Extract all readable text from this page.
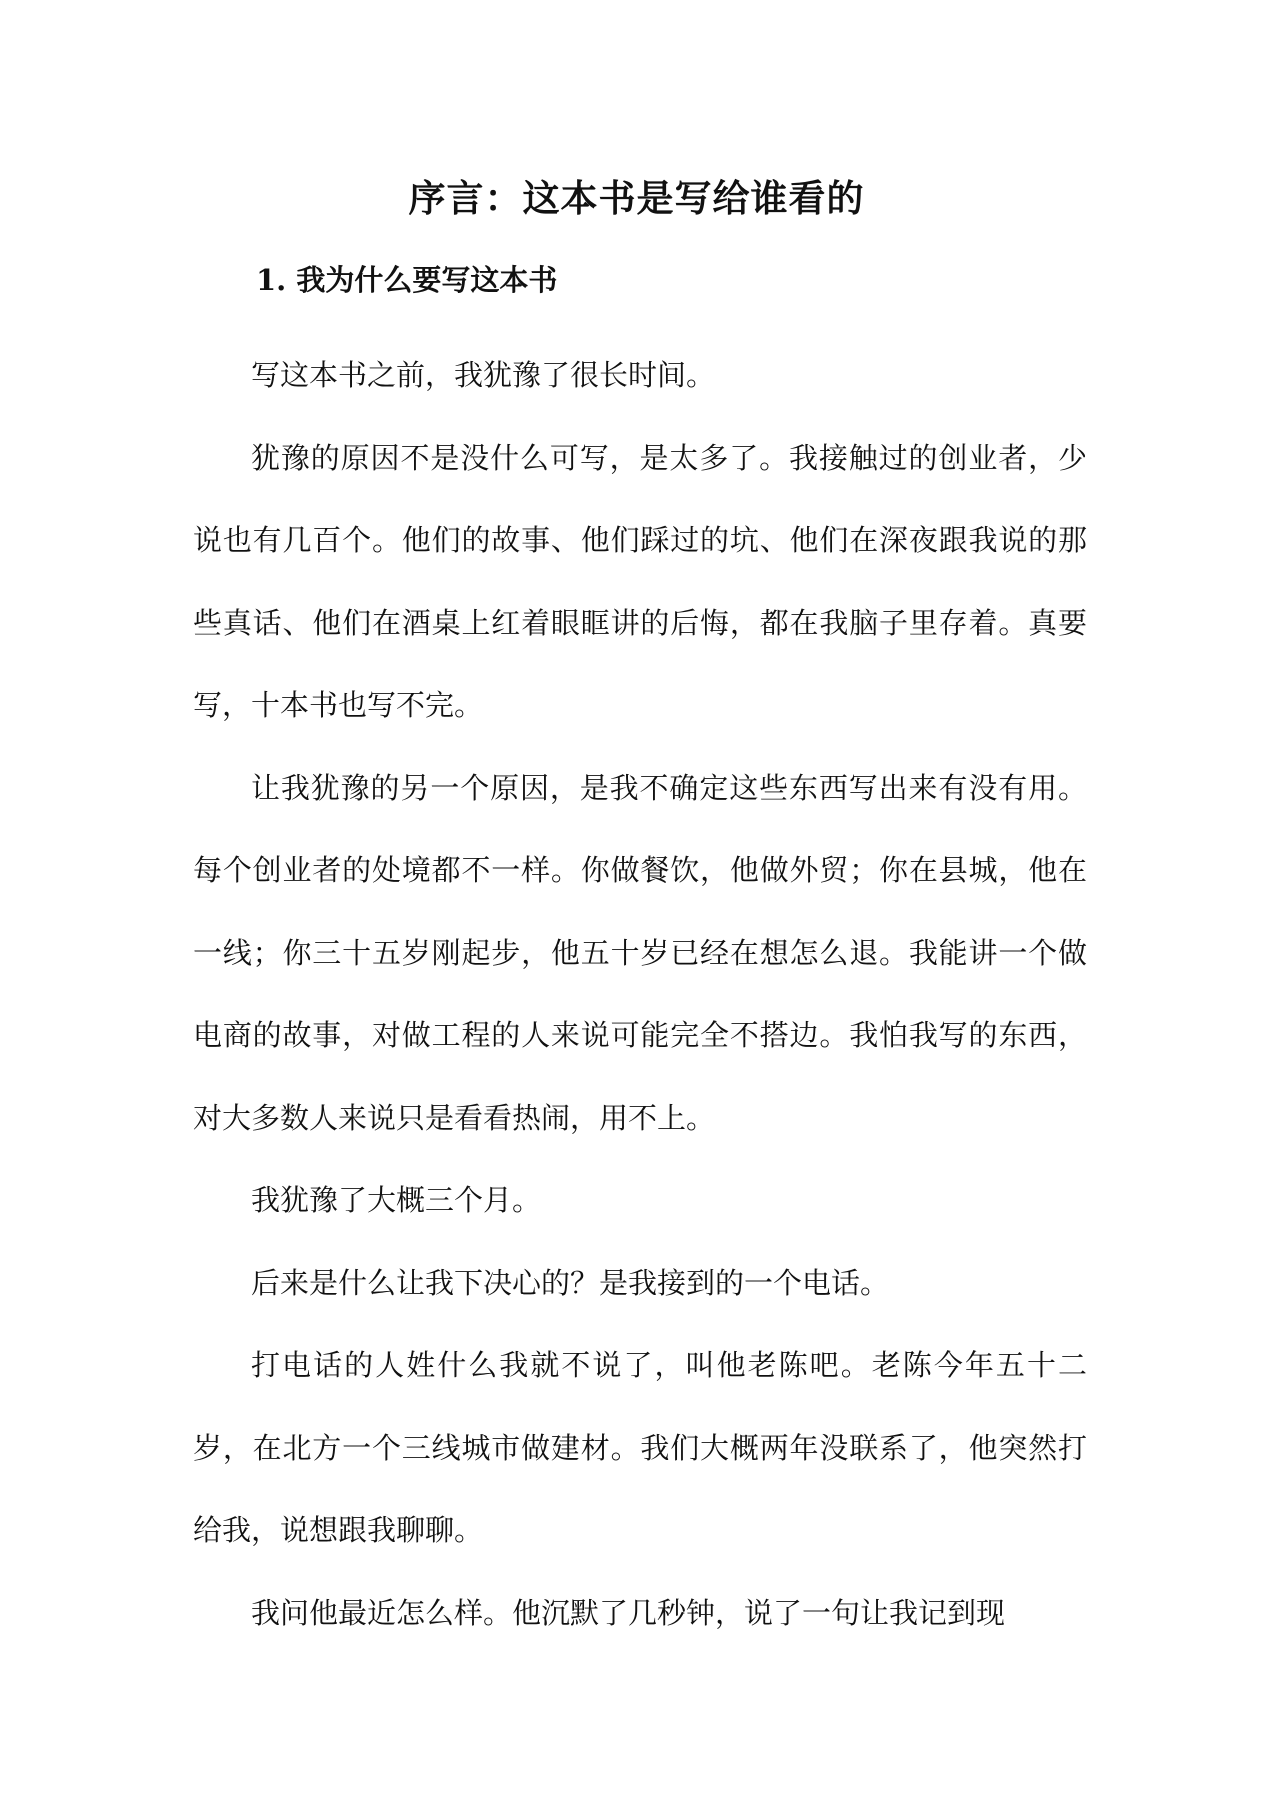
序言：这本书是写给谁看的
1. 我为什么要写这本书

写这本书之前，我犹豫了很长时间。

犹豫的原因不是没什么可写，是太多了。我接触过的创业者，少说也有几百个。他们的故事、他们踩过的坑、他们在深夜跟我说的那些真话、他们在酒桌上红着眼眶讲的后悔，都在我脑子里存着。真要写，十本书也写不完。

让我犹豫的另一个原因，是我不确定这些东西写出来有没有用。每个创业者的处境都不一样。你做餐饮，他做外贸；你在县城，他在一线；你三十五岁刚起步，他五十岁已经在想怎么退。我能讲一个做电商的故事，对做工程的人来说可能完全不搭边。我怕我写的东西，对大多数人来说只是看看热闹，用不上。

我犹豫了大概三个月。

后来是什么让我下决心的？是我接到的一个电话。

打电话的人姓什么我就不说了，叫他老陈吧。老陈今年五十二岁，在北方一个三线城市做建材。我们大概两年没联系了，他突然打给我，说想跟我聊聊。

我问他最近怎么样。他沉默了几秒钟，说了一句让我记到现
